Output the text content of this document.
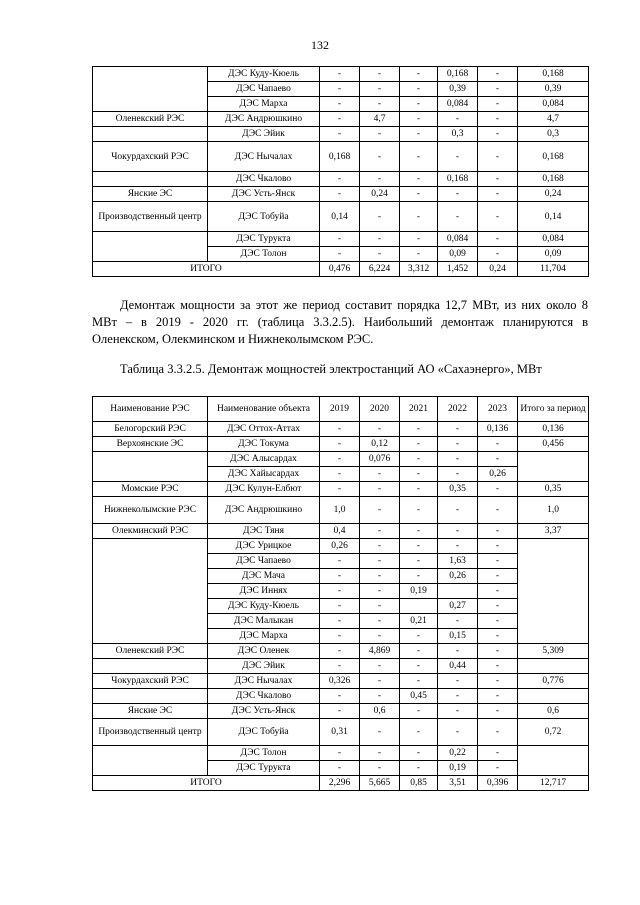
132
	ДЭС Куду-Кюель	-	-	-	0,168	-	0,168
	ДЭС Чапаево	-	-	-	0,39	-	0,39
	ДЭС Марха	-	-	-	0,084	-	0,084
Оленекский РЭС	ДЭС Андрюшкино	-	4,7	-	-	-	4,7
	ДЭС Эйик	-	-	-	0,3	-	0,3
Чокурдахский РЭС	ДЭС Нычалах	0,168	-	-	-	-	0,168
	ДЭС Чкалово	-	-	-	0,168	-	0,168
Янские ЭС	ДЭС Усть-Янск	-	0,24	-	-	-	0,24
Производственный центр	ДЭС Тобуйа	0,14	-	-	-	-	0,14
	ДЭС Турукта	-	-	-	0,084	-	0,084
	ДЭС Толон	-	-	-	0,09	-	0,09
ИТОГО		0,476	6,224	3,312	1,452	0,24	11,704

Демонтаж мощности за этот же период составит порядка 12,7 МВт, из них около 8 МВт – в 2019 - 2020 гг. (таблица 3.3.2.5). Наибольший демонтаж планируются в Оленекском, Олекминском и Нижнеколымском РЭС.

Таблица 3.3.2.5. Демонтаж мощностей электростанций АО «Сахаэнерго», МВт

Наименование РЭС	Наименование объекта	2019	2020	2021	2022	2023	Итого за период
Белогорский РЭС	ДЭС Оттох-Аттах	-	-	-	-	0,136	0,136
Верхоянские ЭС	ДЭС Токума	-	0,12	-	-	-	0,456
	ДЭС Алысардах	-	0,076	-	-	-	
	ДЭС Хайысардах	-	-	-	-	0,26	
Момские РЭС	ДЭС Кулун-Елбют	-	-	-	0,35	-	0,35
Нижнеколымские РЭС	ДЭС Андрюшкино	1,0	-	-	-	-	1,0
Олекминский РЭС	ДЭС Тяня	0,4	-	-	-	-	3,37
	ДЭС Урицкое	0,26	-	-	-	-	
	ДЭС Чапаево	-	-	-	1,63	-	
	ДЭС Мача	-	-	-	0,26	-	
	ДЭС Иннях	-	-	0,19		-	
	ДЭС Куду-Кюель	-	-		0,27	-	
	ДЭС Малыкан	-	-	0,21	-	-	
	ДЭС Марха	-	-	-	0,15	-	
Оленекский РЭС	ДЭС Оленек	-	4,869	-	-	-	5,309
	ДЭС Эйик	-	-	-	0,44	-	
Чокурдахский РЭС	ДЭС Нычалах	0,326	-	-	-	-	0,776
	ДЭС Чкалово	-	-	0,45	-	-	
Янские ЭС	ДЭС Усть-Янск	-	0,6	-	-	-	0,6
Производственный центр	ДЭС Тобуйа	0,31	-	-	-	-	0,72
	ДЭС Толон	-	-	-	0,22	-	
	ДЭС Турукта	-	-	-	0,19	-	
ИТОГО		2,296	5,665	0,85	3,51	0,396	12,717
